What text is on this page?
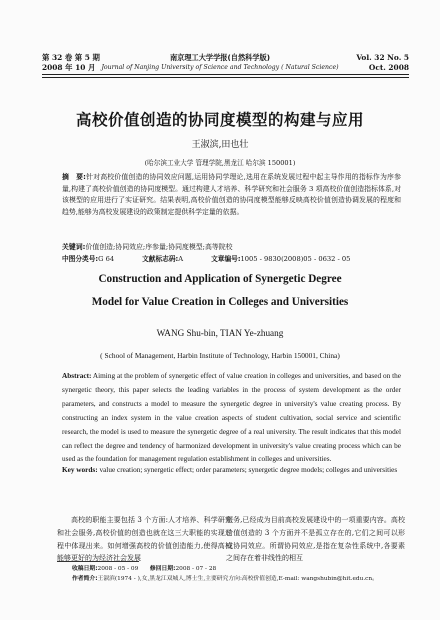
第 32 卷 第 5 期
2008 年 10 月
南京理工大学学报(自然科学版)
Journal of Nanjing University of Science and Technology ( Natural Science)
Vol. 32 No. 5
Oct. 2008
高校价值创造的协同度模型的构建与应用
王淑滨,田也壮
(哈尔滨工业大学 管理学院,黑龙江 哈尔滨 150001)
摘　要:针对高校价值创造的协同效应问题,运用协同学理论,选用在系统发展过程中起主导作用的指标作为序参量,构建了高校价值创造的协同度模型。通过构建人才培养、科学研究和社会服务 3 项高校价值创造指标体系,对该模型的应用进行了实证研究。结果表明,高校价值创造的协同度模型能够反映高校价值创造协调发展的程度和趋势,能够为高校发展建设的政策制定提供科学定量的依据。
关键词:价值创造;协同效应;序参量;协同度模型;高等院校
中图分类号:G 64	文献标志码:A	文章编号:1005 - 9830(2008)05 - 0632 - 05
Construction and Application of Synergetic Degree
Model for Value Creation in Colleges and Universities
WANG Shu-bin, TIAN Ye-zhuang
( School of Management, Harbin Institute of Technology, Harbin 150001, China)
Abstract: Aiming at the problem of synergetic effect of value creation in colleges and universities, and based on the synergetic theory, this paper selects the leading variables in the process of system development as the order parameters, and constructs a model to measure the synergetic degree in university's value creating process. By constructing an index system in the value creation aspects of student cultivation, social service and scientific research, the model is used to measure the synergetic degree of a real university. The result indicates that this model can reflect the degree and tendency of harmonized development in university's value creating process which can be used as the foundation for management regulation establishment in colleges and universities.
Key words: value creation; synergetic effect; order parameters; synergetic degree models; colleges and universities
高校的职能主要包括 3 个方面:人才培养、科学研究和社会服务,高校价值的创造也就在这三大职能的实现过程中体现出来。如何增强高校的价值创造能力,使得高校能够更好的为经济社会发展
服务,已经成为目前高校发展建设中的一项重要内容。高校价值创造的 3 个方面并不是孤立存在的,它们之间可以形成协同效应。所谓协同效应,是指在复杂性系统中,各要素之间存在着非线性的相互
收稿日期:2008 - 05 - 09　　 修回日期:2008 - 07 - 28
作者简介:王淑滨(1974 - ),女,黑龙江双城人,博士生,主要研究方向:高校价值创造,E-mail: wangshubin@hit.edu.cn。
